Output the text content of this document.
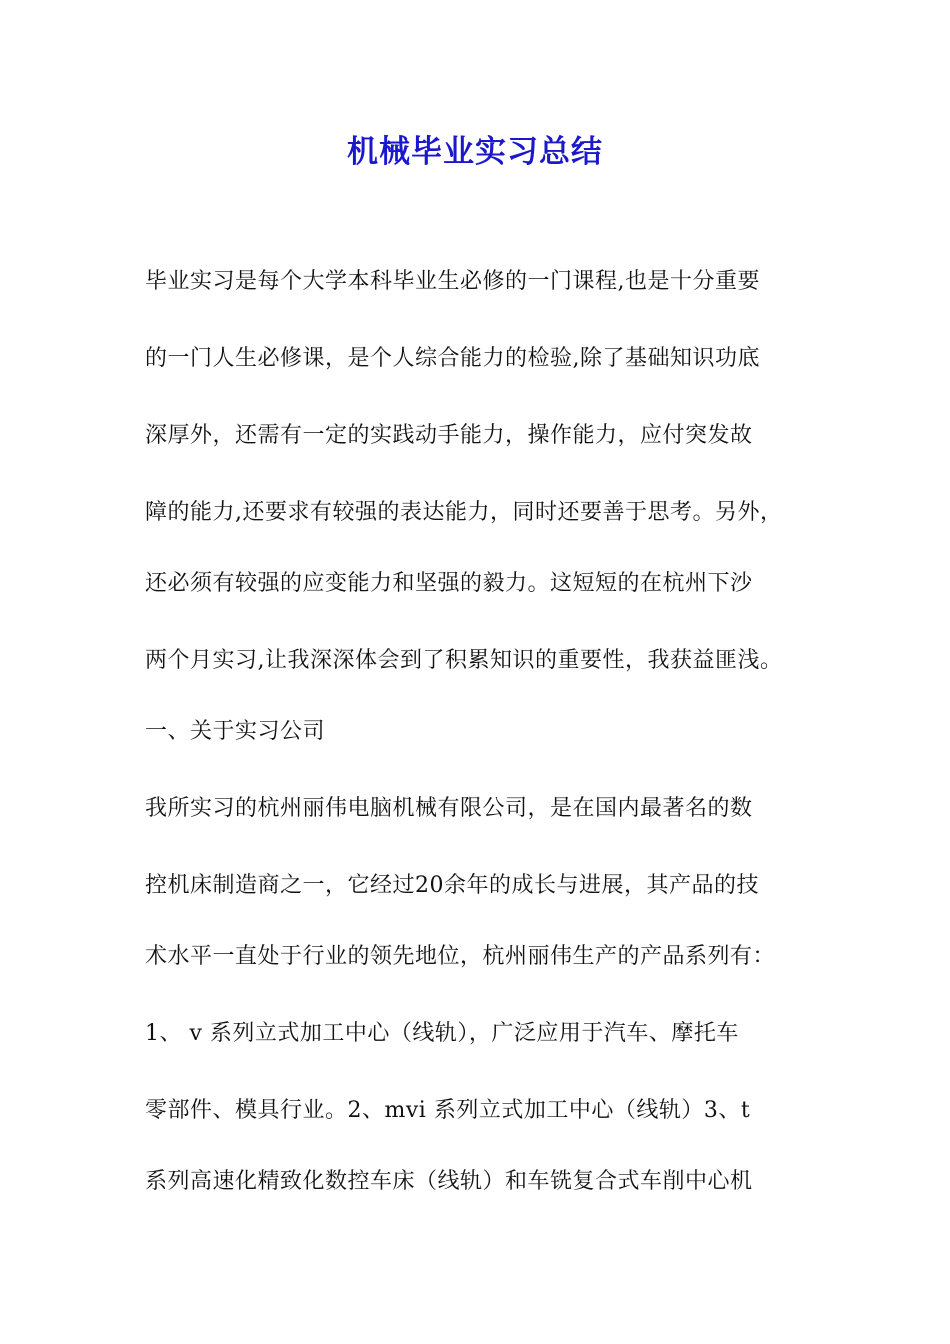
机械毕业实习总结
毕业实习是每个大学本科毕业生必修的一门课程,也是十分重要
的一门人生必修课，是个人综合能力的检验,除了基础知识功底
深厚外，还需有一定的实践动手能力，操作能力，应付突发故
障的能力,还要求有较强的表达能力，同时还要善于思考。另外，
还必须有较强的应变能力和坚强的毅力。这短短的在杭州下沙
两个月实习,让我深深体会到了积累知识的重要性，我获益匪浅。
一、关于实习公司
我所实习的杭州丽伟电脑机械有限公司，是在国内最著名的数
控机床制造商之一，它经过20余年的成长与进展，其产品的技
术水平一直处于行业的领先地位，杭州丽伟生产的产品系列有：
1、 v 系列立式加工中心（线轨），广泛应用于汽车、摩托车
零部件、模具行业。2、mvi 系列立式加工中心（线轨）3、t
系列高速化精致化数控车床（线轨）和车铣复合式车削中心机
